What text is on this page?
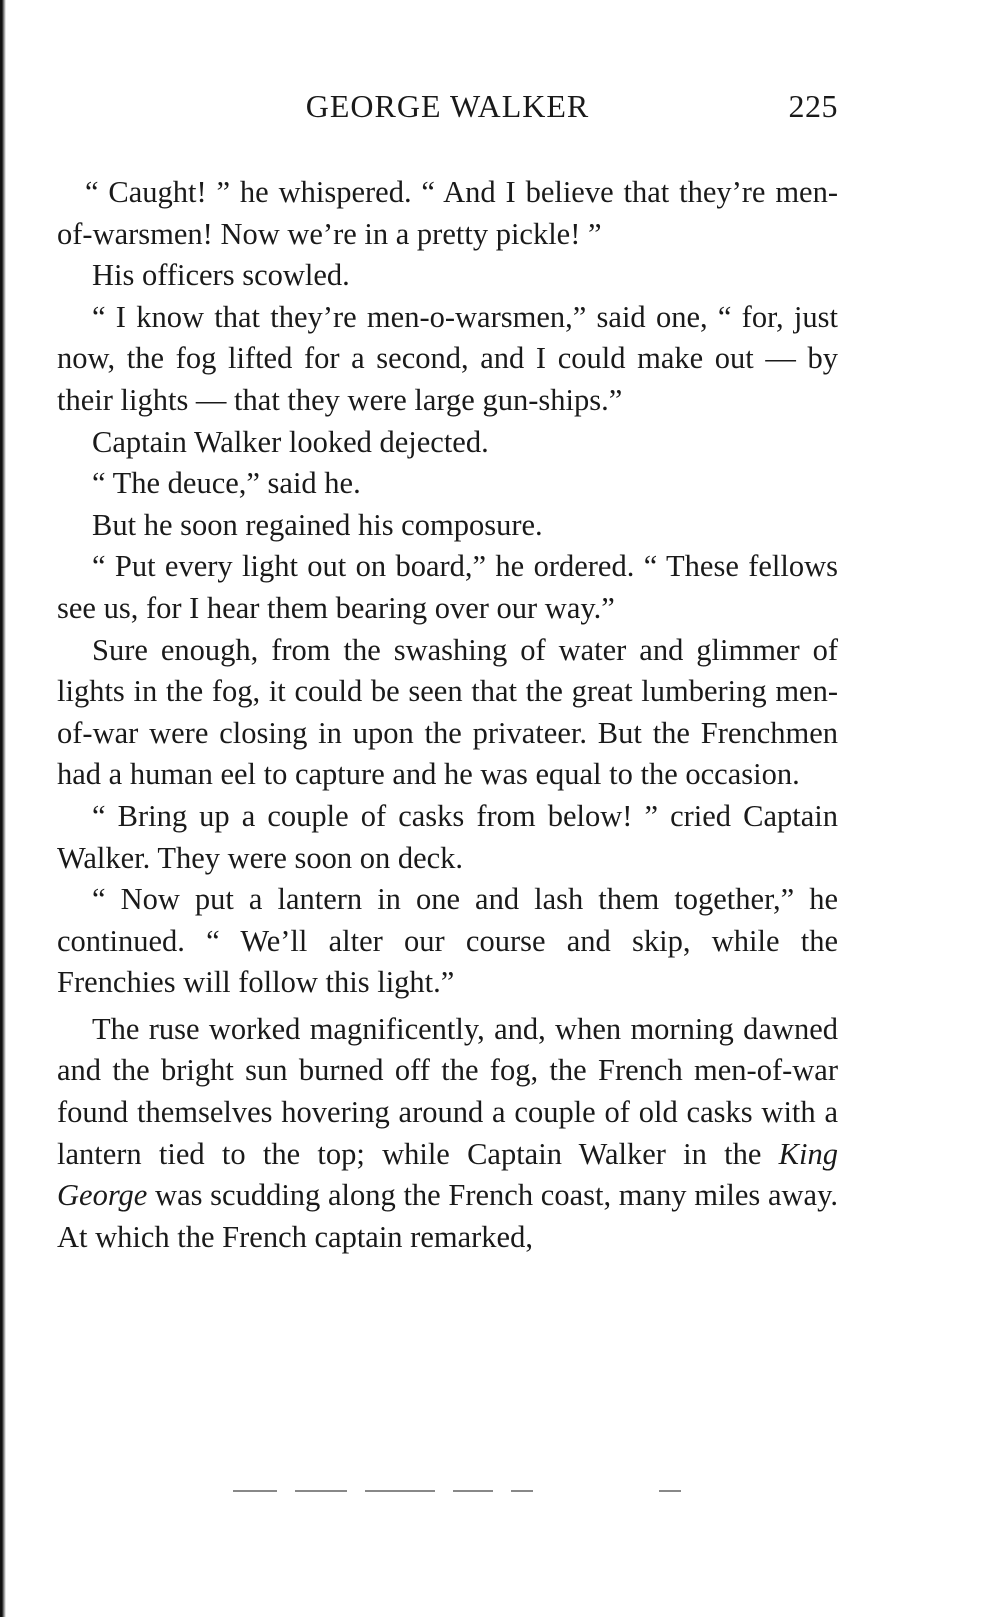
GEORGE WALKER	225

“ Caught! ” he whispered. “ And I believe that they’re men-of-warsmen! Now we’re in a pretty pickle! ”

His officers scowled.

“ I know that they’re men-o-warsmen,” said one, “ for, just now, the fog lifted for a second, and I could make out — by their lights — that they were large gun-ships.”

Captain Walker looked dejected.

“ The deuce,” said he.

But he soon regained his composure.

“ Put every light out on board,” he ordered. “ These fellows see us, for I hear them bearing over our way.”

Sure enough, from the swashing of water and glimmer of lights in the fog, it could be seen that the great lumbering men-of-war were closing in upon the privateer. But the Frenchmen had a human eel to capture and he was equal to the occasion.

“ Bring up a couple of casks from below! ” cried Captain Walker. They were soon on deck.

“ Now put a lantern in one and lash them together,” he continued. “ We’ll alter our course and skip, while the Frenchies will follow this light.”

The ruse worked magnificently, and, when morning dawned and the bright sun burned off the fog, the French men-of-war found themselves hovering around a couple of old casks with a lantern tied to the top; while Captain Walker in the King George was scudding along the French coast, many miles away. At which the French captain remarked,
